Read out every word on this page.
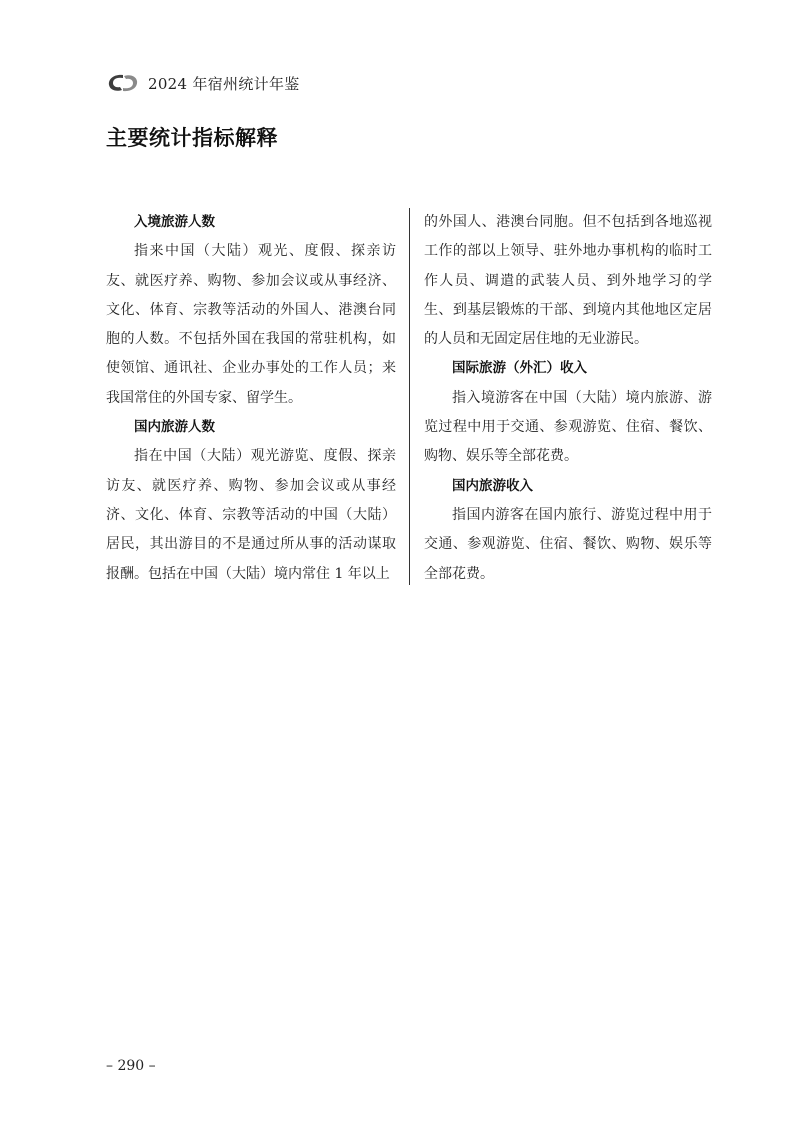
2024 年宿州统计年鉴
主要统计指标解释

入境旅游人数

指来中国（大陆）观光、度假、探亲访友、就医疗养、购物、参加会议或从事经济、文化、体育、宗教等活动的外国人、港澳台同胞的人数。不包括外国在我国的常驻机构，如使领馆、通讯社、企业办事处的工作人员；来我国常住的外国专家、留学生。

国内旅游人数

指在中国（大陆）观光游览、度假、探亲访友、就医疗养、购物、参加会议或从事经济、文化、体育、宗教等活动的中国（大陆）居民，其出游目的不是通过所从事的活动谋取报酬。包括在中国（大陆）境内常住 1 年以上

的外国人、港澳台同胞。但不包括到各地巡视工作的部以上领导、驻外地办事机构的临时工作人员、调遣的武装人员、到外地学习的学生、到基层锻炼的干部、到境内其他地区定居的人员和无固定居住地的无业游民。

国际旅游（外汇）收入

指入境游客在中国（大陆）境内旅游、游览过程中用于交通、参观游览、住宿、餐饮、购物、娱乐等全部花费。

国内旅游收入

指国内游客在国内旅行、游览过程中用于交通、参观游览、住宿、餐饮、购物、娱乐等全部花费。

– 290 –
